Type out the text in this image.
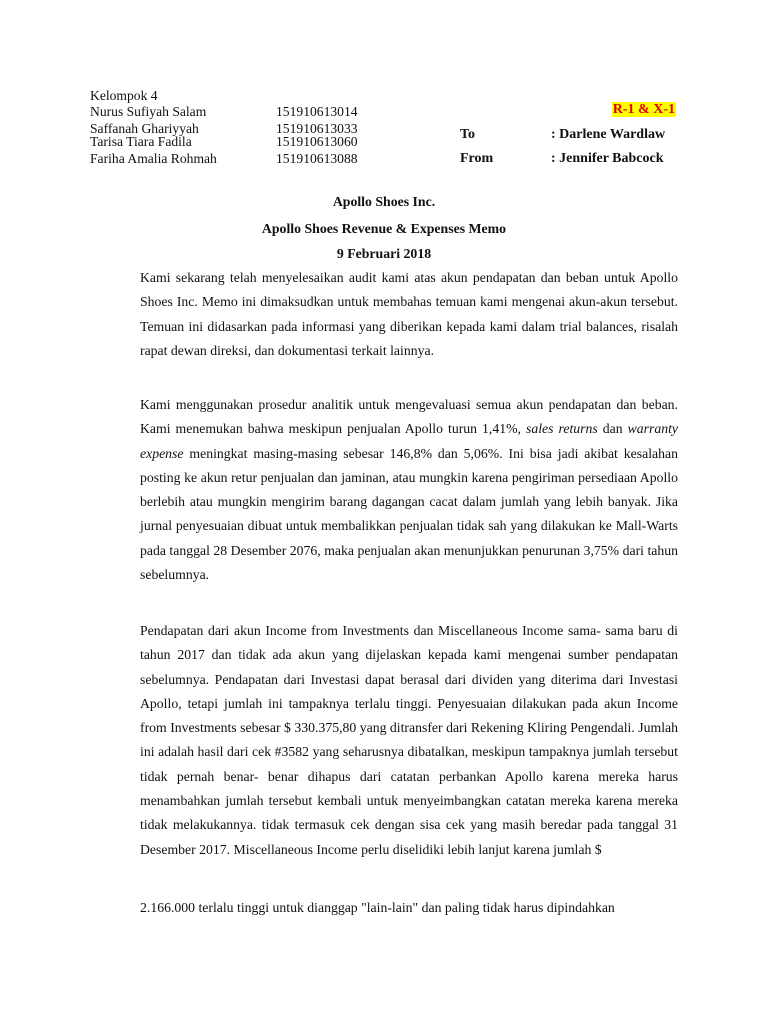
Kelompok 4
Nurus Sufiyah Salam	151910613014
Saffanah Ghariyyah	151910613033
Tarisa Tiara Fadila	151910613060
Fariha Amalia Rohmah	151910613088
R-1 & X-1
To	: Darlene Wardlaw
From	: Jennifer Babcock
Apollo Shoes Inc.
Apollo Shoes Revenue & Expenses Memo
9 Februari 2018
Kami sekarang telah menyelesaikan audit kami atas akun pendapatan dan beban untuk Apollo Shoes Inc. Memo ini dimaksudkan untuk membahas temuan kami mengenai akun-akun tersebut. Temuan ini didasarkan pada informasi yang diberikan kepada kami dalam trial balances, risalah rapat dewan direksi, dan dokumentasi terkait lainnya.
Kami menggunakan prosedur analitik untuk mengevaluasi semua akun pendapatan dan beban. Kami menemukan bahwa meskipun penjualan Apollo turun 1,41%, sales returns dan warranty expense meningkat masing-masing sebesar 146,8% dan 5,06%. Ini bisa jadi akibat kesalahan posting ke akun retur penjualan dan jaminan, atau mungkin karena pengiriman persediaan Apollo berlebih atau mungkin mengirim barang dagangan cacat dalam jumlah yang lebih banyak. Jika jurnal penyesuaian dibuat untuk membalikkan penjualan tidak sah yang dilakukan ke Mall-Warts pada tanggal 28 Desember 2076, maka penjualan akan menunjukkan penurunan 3,75% dari tahun sebelumnya.
Pendapatan dari akun Income from Investments dan Miscellaneous Income sama- sama baru di tahun 2017 dan tidak ada akun yang dijelaskan kepada kami mengenai sumber pendapatan sebelumnya. Pendapatan dari Investasi dapat berasal dari dividen yang diterima dari Investasi Apollo, tetapi jumlah ini tampaknya terlalu tinggi. Penyesuaian dilakukan pada akun Income from Investments sebesar $ 330.375,80 yang ditransfer dari Rekening Kliring Pengendali. Jumlah ini adalah hasil dari cek #3582 yang seharusnya dibatalkan, meskipun tampaknya jumlah tersebut tidak pernah benar- benar dihapus dari catatan perbankan Apollo karena mereka harus menambahkan jumlah tersebut kembali untuk menyeimbangkan catatan mereka karena mereka tidak melakukannya. tidak termasuk cek dengan sisa cek yang masih beredar pada tanggal 31 Desember 2017. Miscellaneous Income perlu diselidiki lebih lanjut karena jumlah $
2.166.000 terlalu tinggi untuk dianggap "lain-lain" dan paling tidak harus dipindahkan
